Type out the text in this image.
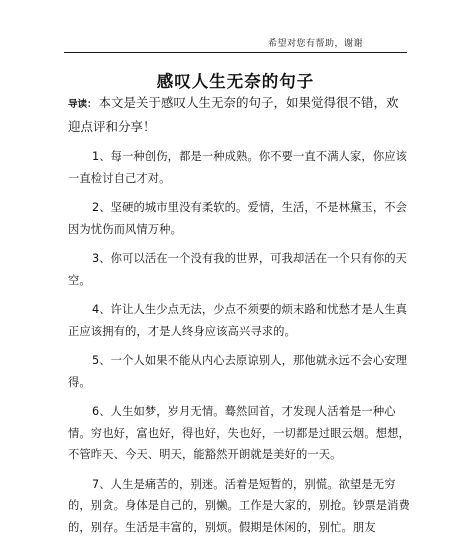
希望对您有帮助，谢谢
感叹人生无奈的句子

导读： 本文是关于感叹人生无奈的句子，如果觉得很不错，欢迎点评和分享！

1、每一种创伤，都是一种成熟。你不要一直不满人家，你应该一直检讨自己才对。

2、坚硬的城市里没有柔软的。爱情，生活，不是林黛玉，不会因为忧伤而风情万种。

3、你可以活在一个没有我的世界，可我却活在一个只有你的天空。

4、许让人生少点无法，少点不须要的烦末路和忧愁才是人生真正应该拥有的，才是人终身应该高兴寻求的。

5、一个人如果不能从内心去原谅别人，那他就永远不会心安理得。

6、人生如梦，岁月无情。蓦然回首，才发现人活着是一种心情。穷也好，富也好，得也好，失也好，一切都是过眼云烟。想想，不管昨天、今天、明天，能豁然开朗就是美好的一天。

7、人生是痛苦的，别迷。活着是短暂的，别慌。欲望是无穷的，别贪。身体是自己的，别懒。工作是大家的，别抢。钞票是消费的，别存。生活是丰富的，别烦。假期是休闲的，别忙。朋友
